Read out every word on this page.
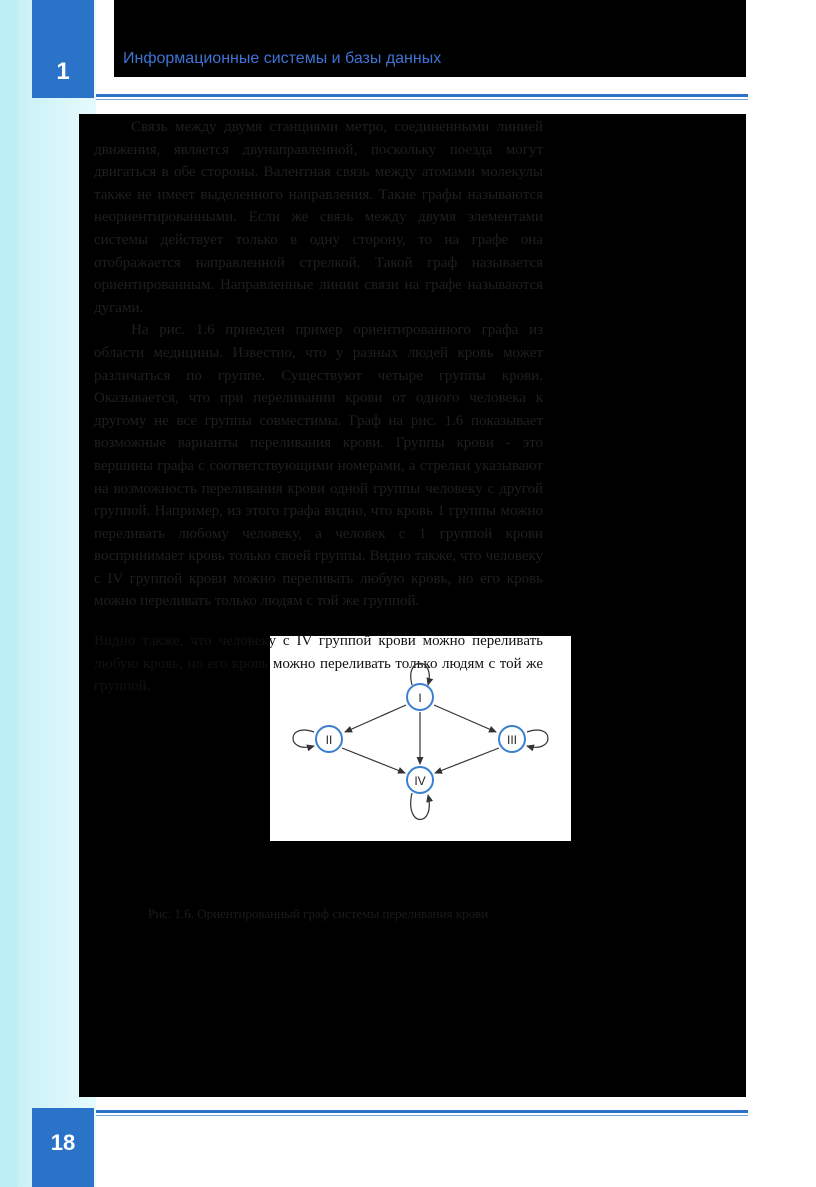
1	Информационные системы и базы данных

Связь между двумя станциями метро, соединенными линией движения, является двунаправленной, поскольку поезда могут двигаться в обе стороны. Валентная связь между атомами молекулы также не имеет выделенного направления. Такие графы называются неориентированными. Если же связь между двумя элементами системы действует только в одну сторону, то на графе она отображается направленной стрелкой. Такой граф называется ориентированным. Направленные линии связи на графе называются дугами.

На рис. 1.6 приведен пример ориентированного графа из области медицины. Известно, что у разных людей кровь может различаться по группе. Существуют четыре группы крови. Оказывается, что при переливании крови от одного человека к другому не все группы совместимы. Граф на рис. 1.6 показывает возможные варианты переливания крови. Группы крови - это вершины графа с соответствующими номерами, а стрелки указывают на возможность переливания крови одной группы человеку с другой группой. Например, из этого графа видно, что кровь 1 группы можно переливать любому человеку, а человек с 1 группой крови воспринимает кровь только своей группы. Видно также, что человеку с IV группой крови можно переливать любую кровь, но его кровь можно переливать только людям с той же группой.

Видно также, что человеку с IV группой крови можно переливать любую кровь, но его кровь можно переливать только людям с той же группой.
I
II	III
IV
Рис. 1.6. Ориентированный граф системы переливания крови
18
